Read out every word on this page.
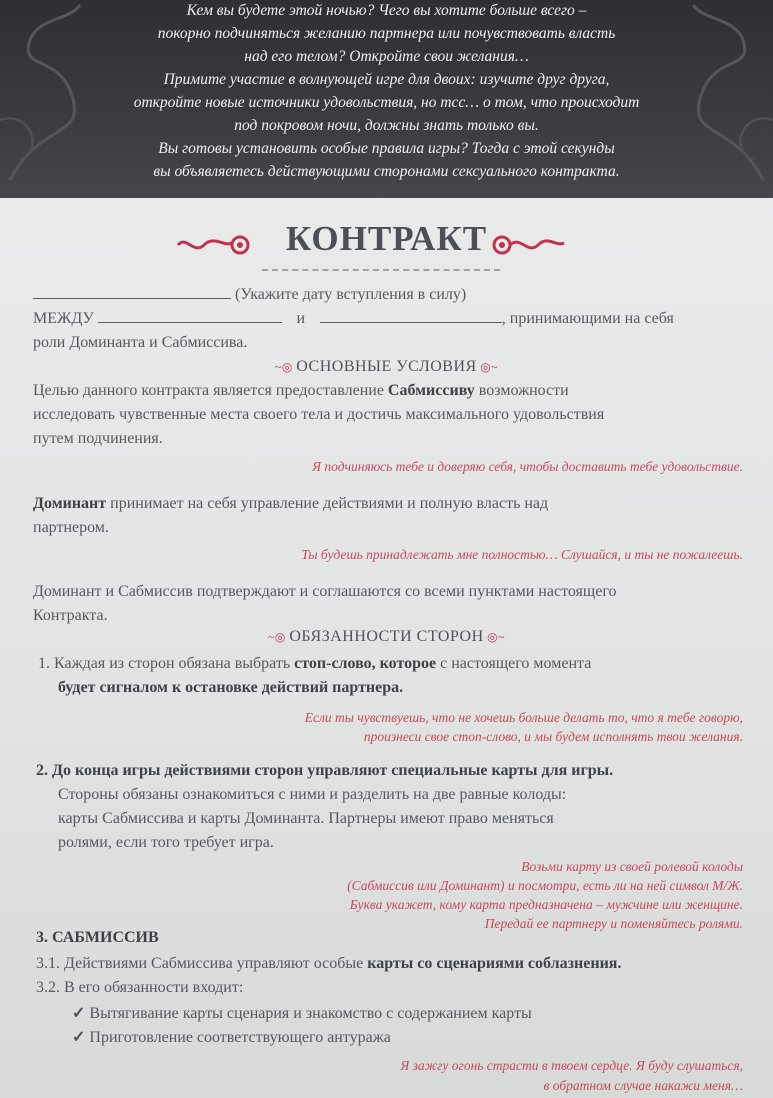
Кем вы будете этой ночью? Чего вы хотите больше всего –
покорно подчиняться желанию партнера или почувствовать власть
над его телом? Откройте свои желания…
Примите участие в волнующей игре для двоих: изучите друг друга,
откройте новые источники удовольствия, но тсс… о том, что происходит
под покровом ночи, должны знать только вы.
Вы готовы установить особые правила игры? Тогда с этой секунды
вы объявляетесь действующими сторонами сексуального контракта.
КОНТРАКТ
(Укажите дату вступления в силу)
МЕЖДУ	и	, принимающими на себя
роли Доминанта и Сабмиссива.
~◎ ОСНОВНЫЕ УСЛОВИЯ ◎~
Целью данного контракта является предоставление Сабмиссиву возможности
исследовать чувственные места своего тела и достичь максимального удовольствия
путем подчинения.
Я подчиняюсь тебе и доверяю себя, чтобы доставить тебе удовольствие.
Доминант принимает на себя управление действиями и полную власть над
партнером.
Ты будешь принадлежать мне полностью… Слушайся, и ты не пожалеешь.
Доминант и Сабмиссив подтверждают и соглашаются со всеми пунктами настоящего
Контракта.
~◎ ОБЯЗАННОСТИ СТОРОН ◎~
1. Каждая из сторон обязана выбрать стоп-слово, которое с настоящего момента
будет сигналом к остановке действий партнера.
Если ты чувствуешь, что не хочешь больше делать то, что я тебе говорю,
произнеси свое стоп-слово, и мы будем исполнять твои желания.
2. До конца игры действиями сторон управляют специальные карты для игры.
Стороны обязаны ознакомиться с ними и разделить на две равные колоды:
карты Сабмиссива и карты Доминанта. Партнеры имеют право меняться
ролями, если того требует игра.
Возьми карту из своей ролевой колоды
(Сабмиссив или Доминант) и посмотри, есть ли на ней символ М/Ж.
Буква укажет, кому карта предназначена – мужчине или женщине.
Передай ее партнеру и поменяйтесь ролями.
3. САБМИССИВ
3.1. Действиями Сабмиссива управляют особые карты со сценариями соблазнения.
3.2. В его обязанности входит:
✓ Вытягивание карты сценария и знакомство с содержанием карты
✓ Приготовление соответствующего антуража
Я зажгу огонь страсти в твоем сердце. Я буду слушаться,
в обратном случае накажи меня…
